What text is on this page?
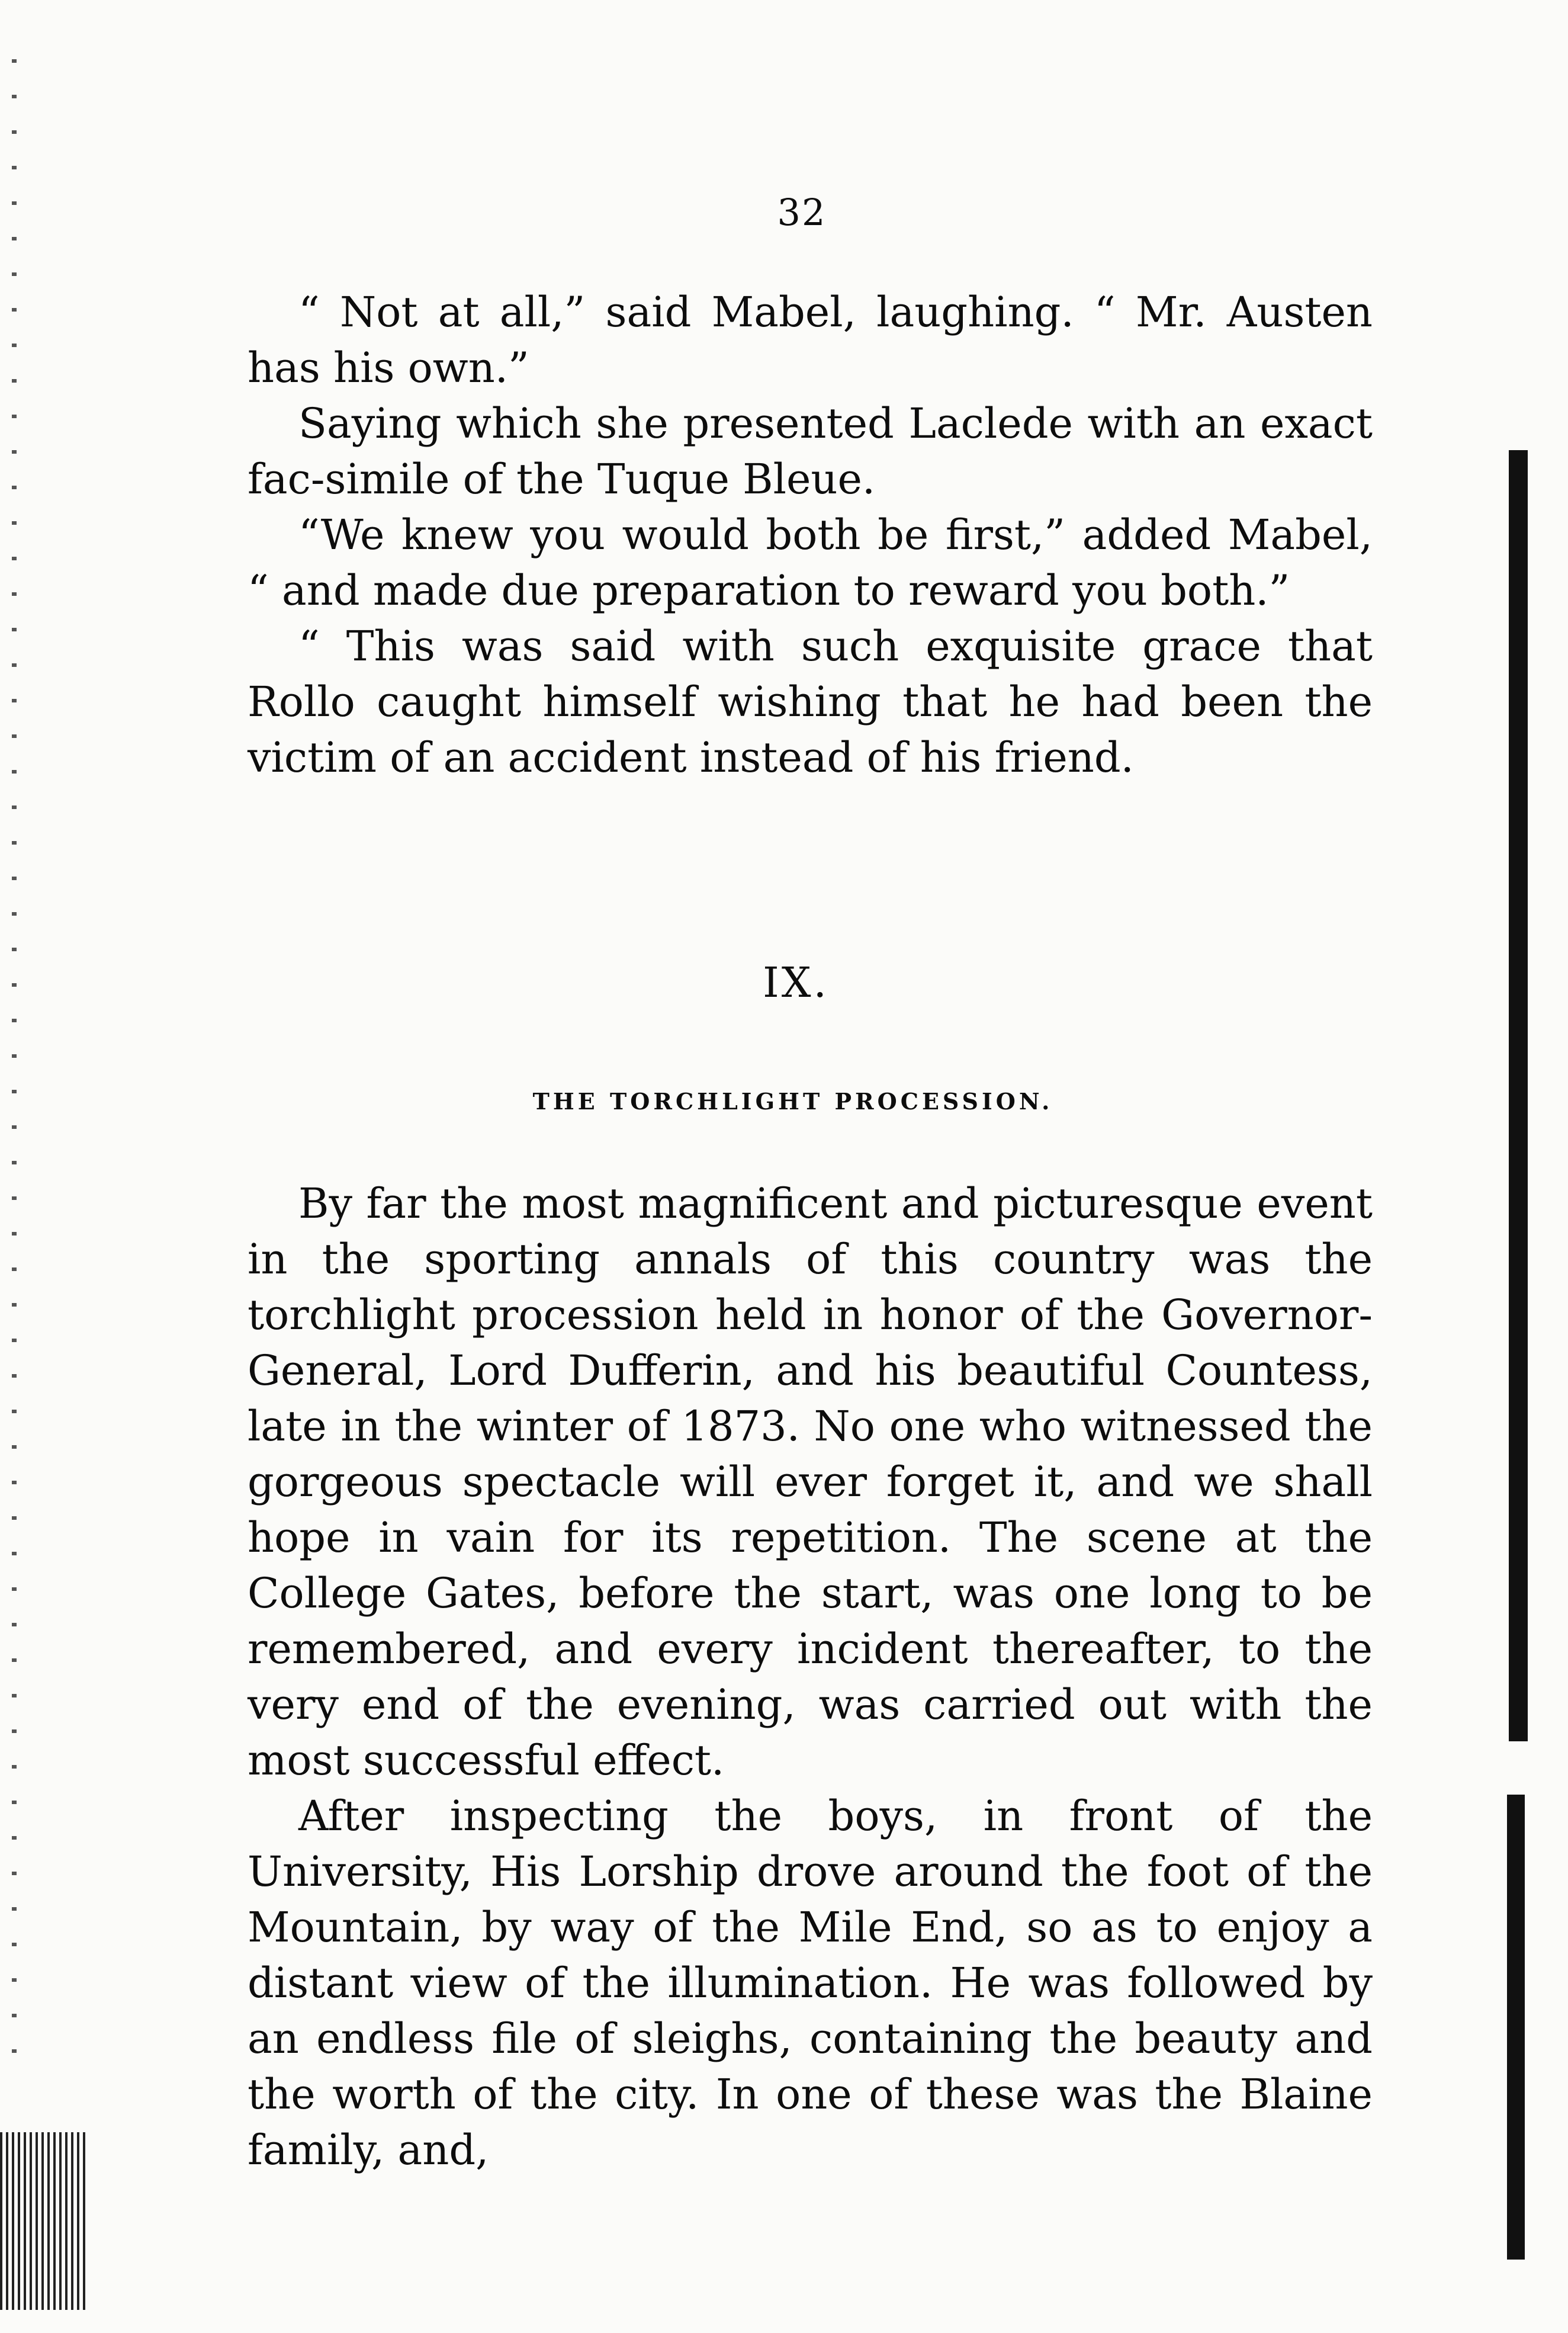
32

“ Not at all,” said Mabel, laughing. “ Mr. Austen has his own.”

Saying which she presented Laclede with an exact fac-simile of the Tuque Bleue.

“We knew you would both be first,” added Mabel, “ and made due preparation to reward you both.”

“ This was said with such exquisite grace that Rollo caught himself wishing that he had been the victim of an accident instead of his friend.

IX.
THE TORCHLIGHT PROCESSION.

By far the most magnificent and picturesque event in the sporting annals of this country was the torchlight procession held in honor of the Governor-General, Lord Dufferin, and his beautiful Countess, late in the winter of 1873. No one who witnessed the gorgeous spectacle will ever forget it, and we shall hope in vain for its repetition. The scene at the College Gates, before the start, was one long to be remembered, and every incident thereafter, to the very end of the evening, was carried out with the most successful effect.

After inspecting the boys, in front of the University, His Lorship drove around the foot of the Mountain, by way of the Mile End, so as to enjoy a distant view of the illumination. He was followed by an endless file of sleighs, containing the beauty and the worth of the city. In one of these was the Blaine family, and,
